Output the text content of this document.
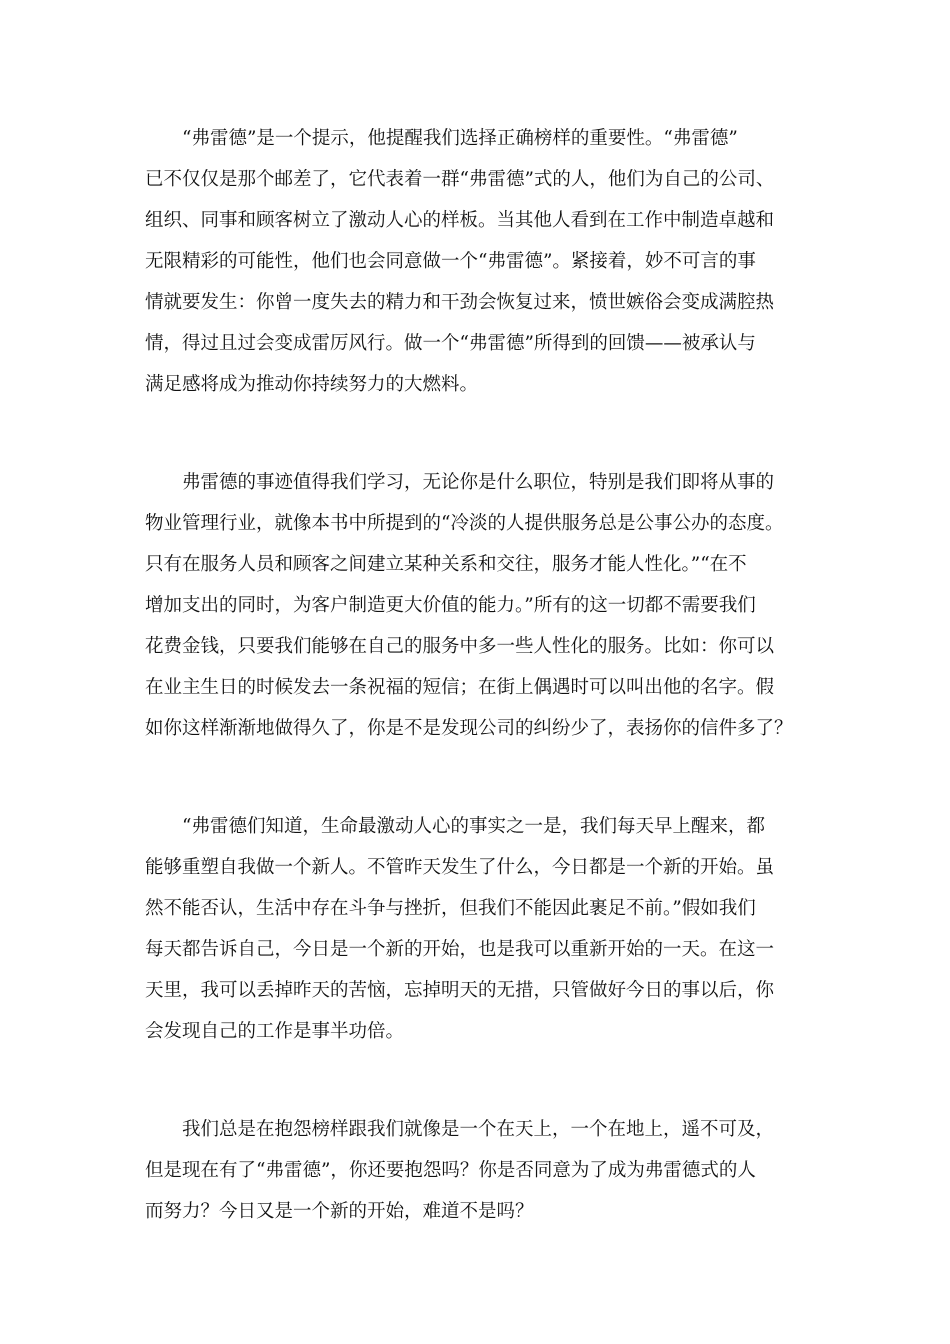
　　“弗雷德”是一个提示，他提醒我们选择正确榜样的重要性。“弗雷德”
已不仅仅是那个邮差了，它代表着一群“弗雷德”式的人，他们为自己的公司、
组织、同事和顾客树立了激动人心的样板。当其他人看到在工作中制造卓越和
无限精彩的可能性，他们也会同意做一个“弗雷德”。紧接着，妙不可言的事
情就要发生：你曾一度失去的精力和干劲会恢复过来，愤世嫉俗会变成满腔热
情，得过且过会变成雷厉风行。做一个“弗雷德”所得到的回馈——被承认与
满足感将成为推动你持续努力的大燃料。
　　弗雷德的事迹值得我们学习，无论你是什么职位，特别是我们即将从事的
物业管理行业，就像本书中所提到的“冷淡的人提供服务总是公事公办的态度。
只有在服务人员和顾客之间建立某种关系和交往，服务才能人性化。”“在不
增加支出的同时，为客户制造更大价值的能力。”所有的这一切都不需要我们
花费金钱，只要我们能够在自己的服务中多一些人性化的服务。比如：你可以
在业主生日的时候发去一条祝福的短信；在街上偶遇时可以叫出他的名字。假
如你这样渐渐地做得久了，你是不是发现公司的纠纷少了，表扬你的信件多了？
　　“弗雷德们知道，生命最激动人心的事实之一是，我们每天早上醒来，都
能够重塑自我做一个新人。不管昨天发生了什么，今日都是一个新的开始。虽
然不能否认，生活中存在斗争与挫折，但我们不能因此裹足不前。”假如我们
每天都告诉自己，今日是一个新的开始，也是我可以重新开始的一天。在这一
天里，我可以丢掉昨天的苦恼，忘掉明天的无措，只管做好今日的事以后，你
会发现自己的工作是事半功倍。
　　我们总是在抱怨榜样跟我们就像是一个在天上，一个在地上，遥不可及，
但是现在有了“弗雷德”，你还要抱怨吗？你是否同意为了成为弗雷德式的人
而努力？今日又是一个新的开始，难道不是吗？
